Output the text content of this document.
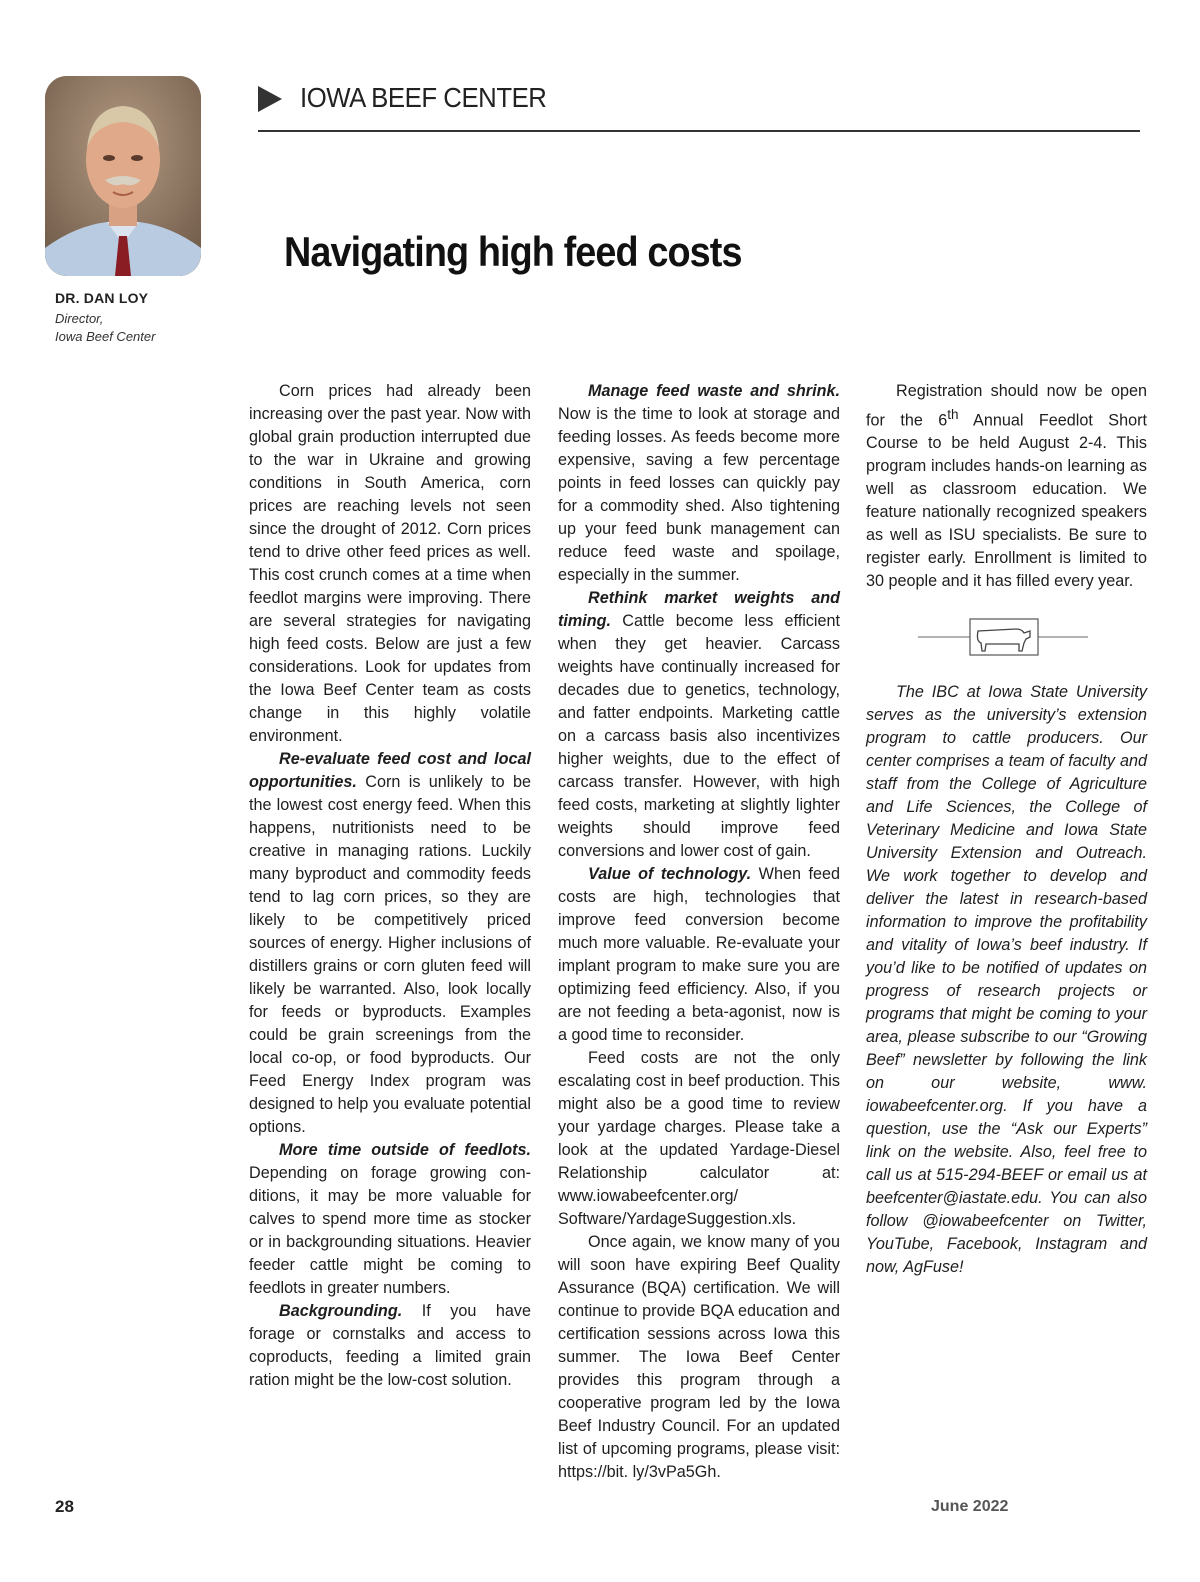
DR. DAN LOY
Director,
Iowa Beef Center
IOWA BEEF CENTER
Navigating high feed costs

Corn prices had already been increasing over the past year. Now with global grain production interrupted due to the war in Ukraine and growing conditions in South America, corn prices are reaching levels not seen since the drought of 2012. Corn prices tend to drive other feed prices as well. This cost crunch comes at a time when feedlot margins were improving. There are several strategies for navigating high feed costs. Below are just a few considerations. Look for updates from the Iowa Beef Center team as costs change in this highly volatile environment.

Re-evaluate feed cost and local opportunities. Corn is unlikely to be the lowest cost energy feed. When this happens, nutritionists need to be creative in managing rations. Luckily many byproduct and commodity feeds tend to lag corn prices, so they are likely to be competitively priced sources of energy. Higher inclusions of distillers grains or corn gluten feed will likely be warranted. Also, look locally for feeds or byproducts. Examples could be grain screenings from the local co-op, or food byproducts. Our Feed Energy Index program was designed to help you evaluate potential options.

More time outside of feedlots. Depending on forage growing conditions, it may be more valuable for calves to spend more time as stocker or in backgrounding situations. Heavier feeder cattle might be coming to feedlots in greater numbers.

Backgrounding. If you have forage or cornstalks and access to coproducts, feeding a limited grain ration might be the low-cost solution.

Manage feed waste and shrink. Now is the time to look at storage and feeding losses. As feeds become more expensive, saving a few percentage points in feed losses can quickly pay for a commodity shed. Also tightening up your feed bunk management can reduce feed waste and spoilage, especially in the summer.

Rethink market weights and timing. Cattle become less efficient when they get heavier. Carcass weights have continually increased for decades due to genetics, technology, and fatter endpoints. Marketing cattle on a carcass basis also incentivizes higher weights, due to the effect of carcass transfer. However, with high feed costs, marketing at slightly lighter weights should improve feed conversions and lower cost of gain.

Value of technology. When feed costs are high, technologies that improve feed conversion become much more valuable. Re-evaluate your implant program to make sure you are optimizing feed efficiency. Also, if you are not feeding a beta-agonist, now is a good time to reconsider.

Feed costs are not the only escalating cost in beef production. This might also be a good time to review your yardage charges. Please take a look at the updated Yardage-Diesel Relationship calculator at: www.iowabeefcenter.org/ Software/YardageSuggestion.xls.

Once again, we know many of you will soon have expiring Beef Quality Assurance (BQA) certification. We will continue to provide BQA education and certification sessions across Iowa this summer. The Iowa Beef Center provides this program through a cooperative program led by the Iowa Beef Industry Council. For an updated list of upcoming programs, please visit: https://bit. ly/3vPa5Gh.

Registration should now be open for the 6th Annual Feedlot Short Course to be held August 2-4. This program includes hands-on learning as well as classroom education. We feature nationally recognized speakers as well as ISU specialists. Be sure to register early. Enrollment is limited to 30 people and it has filled every year.

The IBC at Iowa State University serves as the university’s extension program to cattle producers. Our center comprises a team of faculty and staff from the College of Agriculture and Life Sciences, the College of Veterinary Medicine and Iowa State University Extension and Outreach. We work together to develop and deliver the latest in research-based information to improve the profitability and vitality of Iowa’s beef industry. If you’d like to be notified of updates on progress of research projects or programs that might be coming to your area, please subscribe to our “Growing Beef” newsletter by following the link on our website, www. iowabeefcenter.org. If you have a question, use the “Ask our Experts” link on the website. Also, feel free to call us at 515-294-BEEF or email us at beefcenter@iastate.edu. You can also follow @iowabeefcenter on Twitter, YouTube, Facebook, Instagram and now, AgFuse!

28	June 2022
